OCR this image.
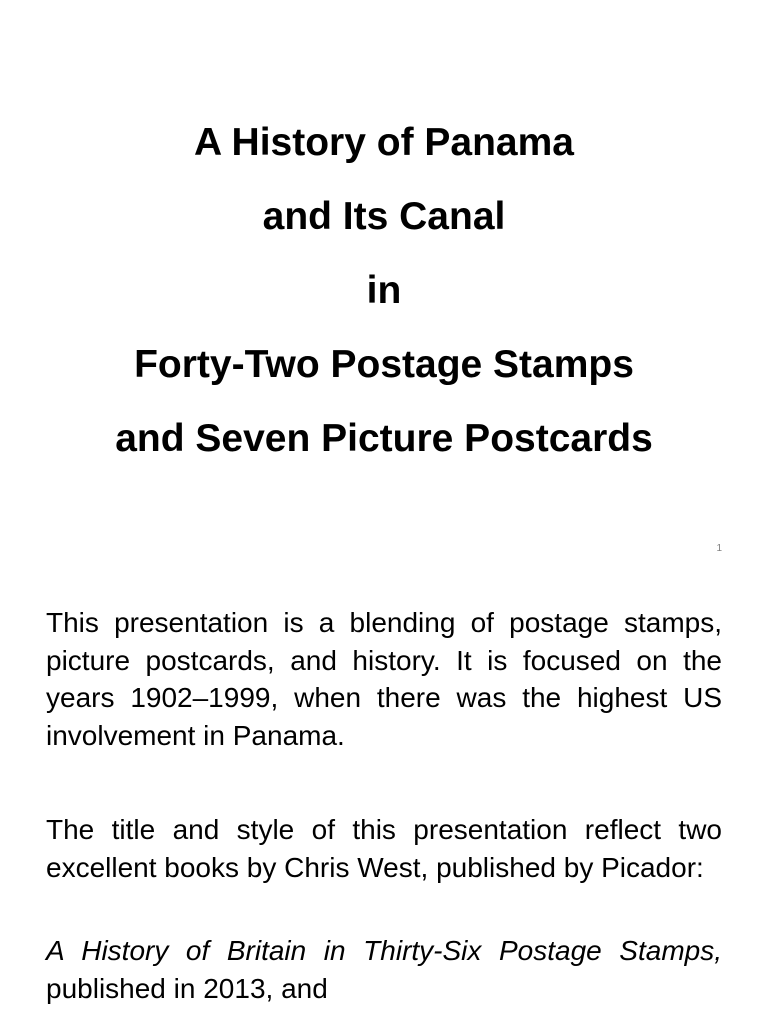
A History of Panama
and Its Canal
in
Forty-Two Postage Stamps
and Seven Picture Postcards
1
This presentation is a blending of postage stamps, picture postcards, and history. It is focused on the years 1902–1999, when there was the highest US involvement in Panama.
The title and style of this presentation reflect two excellent books by Chris West, published by Picador:
A History of Britain in Thirty-Six Postage Stamps, published in 2013, and
